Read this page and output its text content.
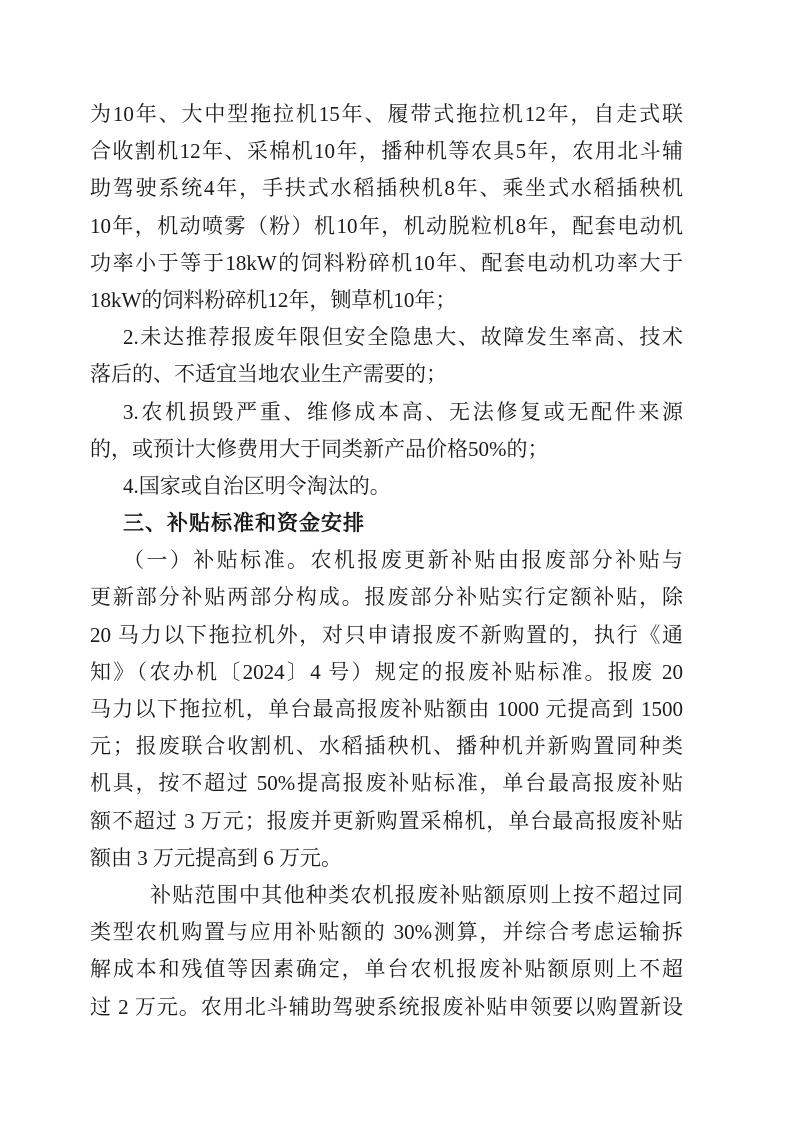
为10年、大中型拖拉机15年、履带式拖拉机12年，自走式联
合收割机12年、采棉机10年，播种机等农具5年，农用北斗辅
助驾驶系统4年，手扶式水稻插秧机8年、乘坐式水稻插秧机
10年，机动喷雾（粉）机10年，机动脱粒机8年，配套电动机
功率小于等于18kW的饲料粉碎机10年、配套电动机功率大于
18kW的饲料粉碎机12年，铡草机10年；
2.未达推荐报废年限但安全隐患大、故障发生率高、技术
落后的、不适宜当地农业生产需要的；
3.农机损毁严重、维修成本高、无法修复或无配件来源
的，或预计大修费用大于同类新产品价格50%的；
4.国家或自治区明令淘汰的。
三、补贴标准和资金安排
（一）补贴标准。农机报废更新补贴由报废部分补贴与
更新部分补贴两部分构成。报废部分补贴实行定额补贴，除
20 马力以下拖拉机外，对只申请报废不新购置的，执行《通
知》（农办机〔2024〕4 号）规定的报废补贴标准。报废 20
马力以下拖拉机，单台最高报废补贴额由 1000 元提高到 1500
元；报废联合收割机、水稻插秧机、播种机并新购置同种类
机具，按不超过 50%提高报废补贴标准，单台最高报废补贴
额不超过 3 万元；报废并更新购置采棉机，单台最高报废补贴
额由 3 万元提高到 6 万元。
补贴范围中其他种类农机报废补贴额原则上按不超过同
类型农机购置与应用补贴额的 30%测算，并综合考虑运输拆
解成本和残值等因素确定，单台农机报废补贴额原则上不超
过 2 万元。农用北斗辅助驾驶系统报废补贴申领要以购置新设
